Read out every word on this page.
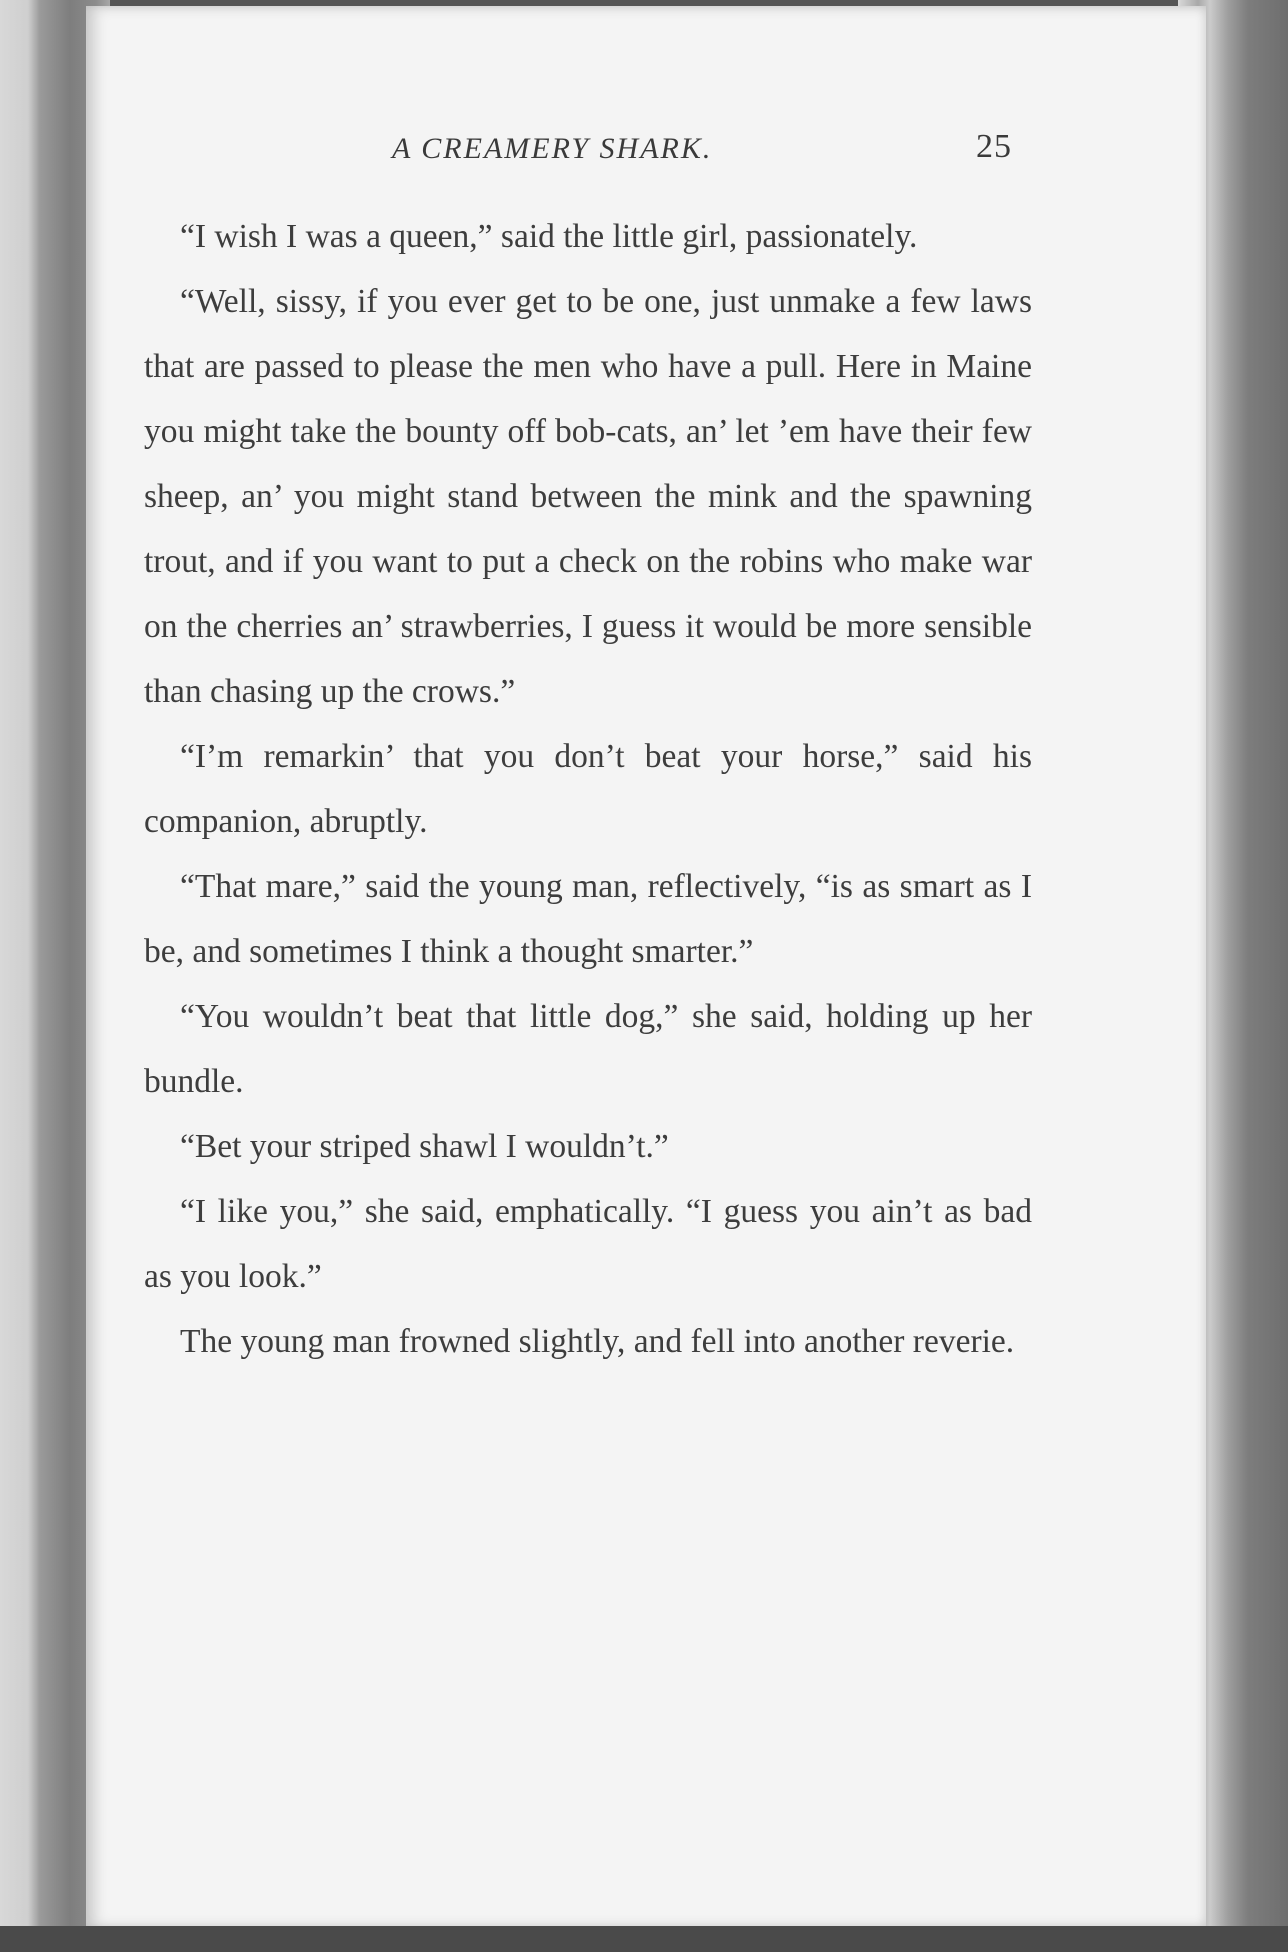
A CREAMERY SHARK.	25

“I wish I was a queen,” said the little girl, passionately.

“Well, sissy, if you ever get to be one, just unmake a few laws that are passed to please the men who have a pull. Here in Maine you might take the bounty off bob-cats, an’ let ’em have their few sheep, an’ you might stand between the mink and the spawning trout, and if you want to put a check on the robins who make war on the cherries an’ strawberries, I guess it would be more sensible than chasing up the crows.”

“I’m remarkin’ that you don’t beat your horse,” said his companion, abruptly.

“That mare,” said the young man, reflectively, “is as smart as I be, and sometimes I think a thought smarter.”

“You wouldn’t beat that little dog,” she said, holding up her bundle.

“Bet your striped shawl I wouldn’t.”

“I like you,” she said, emphatically. “I guess you ain’t as bad as you look.”

The young man frowned slightly, and fell into another reverie.
